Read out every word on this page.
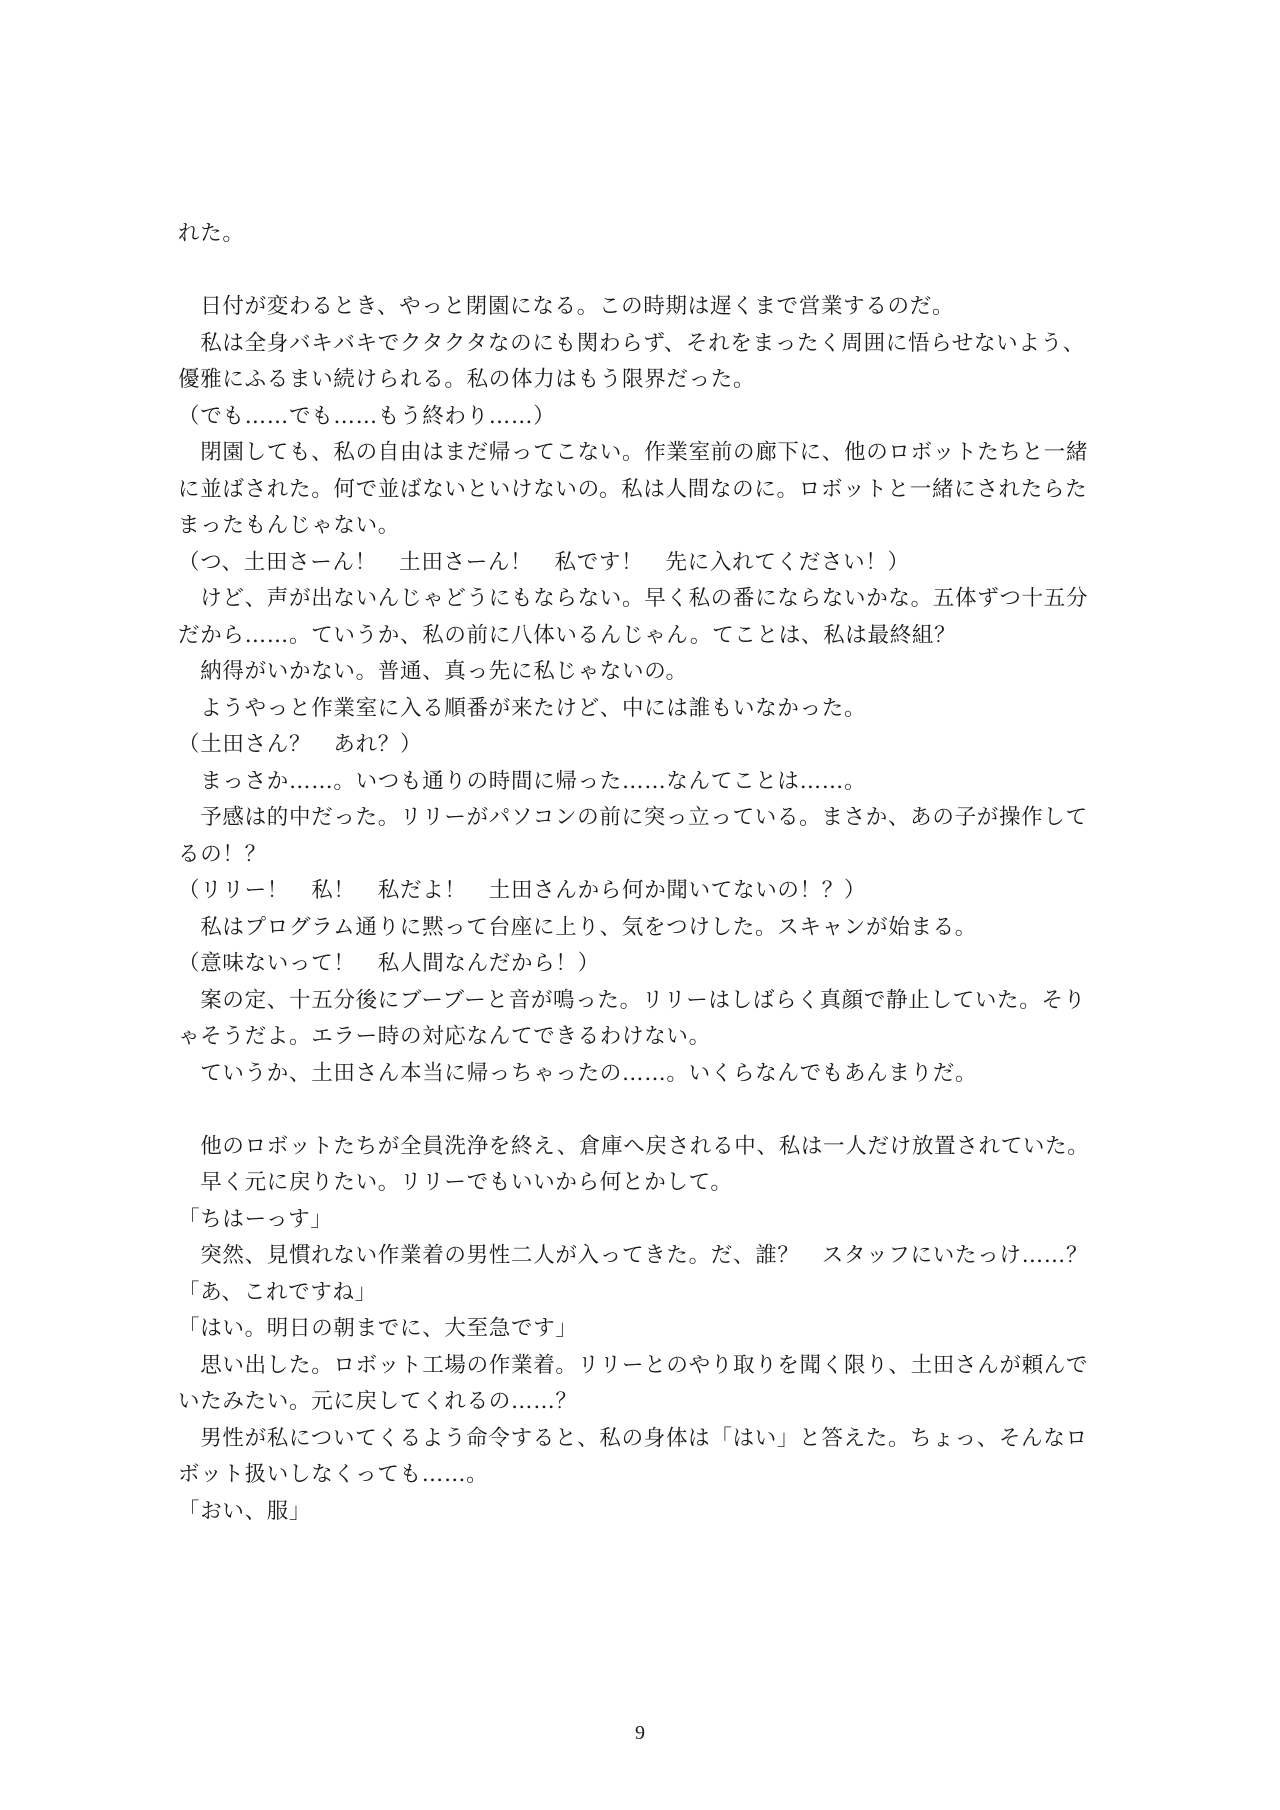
れた。
　日付が変わるとき、やっと閉園になる。この時期は遅くまで営業するのだ。
　私は全身バキバキでクタクタなのにも関わらず、それをまったく周囲に悟らせないよう、
優雅にふるまい続けられる。私の体力はもう限界だった。
（でも……でも……もう終わり……）
　閉園しても、私の自由はまだ帰ってこない。作業室前の廊下に、他のロボットたちと一緒
に並ばされた。何で並ばないといけないの。私は人間なのに。ロボットと一緒にされたらた
まったもんじゃない。
（つ、土田さーん！　土田さーん！　私です！　先に入れてください！）
　けど、声が出ないんじゃどうにもならない。早く私の番にならないかな。五体ずつ十五分
だから……。ていうか、私の前に八体いるんじゃん。てことは、私は最終組？
　納得がいかない。普通、真っ先に私じゃないの。
　ようやっと作業室に入る順番が来たけど、中には誰もいなかった。
（土田さん？　あれ？）
　まっさか……。いつも通りの時間に帰った……なんてことは……。
　予感は的中だった。リリーがパソコンの前に突っ立っている。まさか、あの子が操作して
るの！？
（リリー！　私！　私だよ！　土田さんから何か聞いてないの！？）
　私はプログラム通りに黙って台座に上り、気をつけした。スキャンが始まる。
（意味ないって！　私人間なんだから！）
　案の定、十五分後にブーブーと音が鳴った。リリーはしばらく真顔で静止していた。そり
ゃそうだよ。エラー時の対応なんてできるわけない。
　ていうか、土田さん本当に帰っちゃったの……。いくらなんでもあんまりだ。
　他のロボットたちが全員洗浄を終え、倉庫へ戻される中、私は一人だけ放置されていた。
　早く元に戻りたい。リリーでもいいから何とかして。
「ちはーっす」
　突然、見慣れない作業着の男性二人が入ってきた。だ、誰？　スタッフにいたっけ……？
「あ、これですね」
「はい。明日の朝までに、大至急です」
　思い出した。ロボット工場の作業着。リリーとのやり取りを聞く限り、土田さんが頼んで
いたみたい。元に戻してくれるの……？
　男性が私についてくるよう命令すると、私の身体は「はい」と答えた。ちょっ、そんなロ
ボット扱いしなくっても……。
「おい、服」
9
